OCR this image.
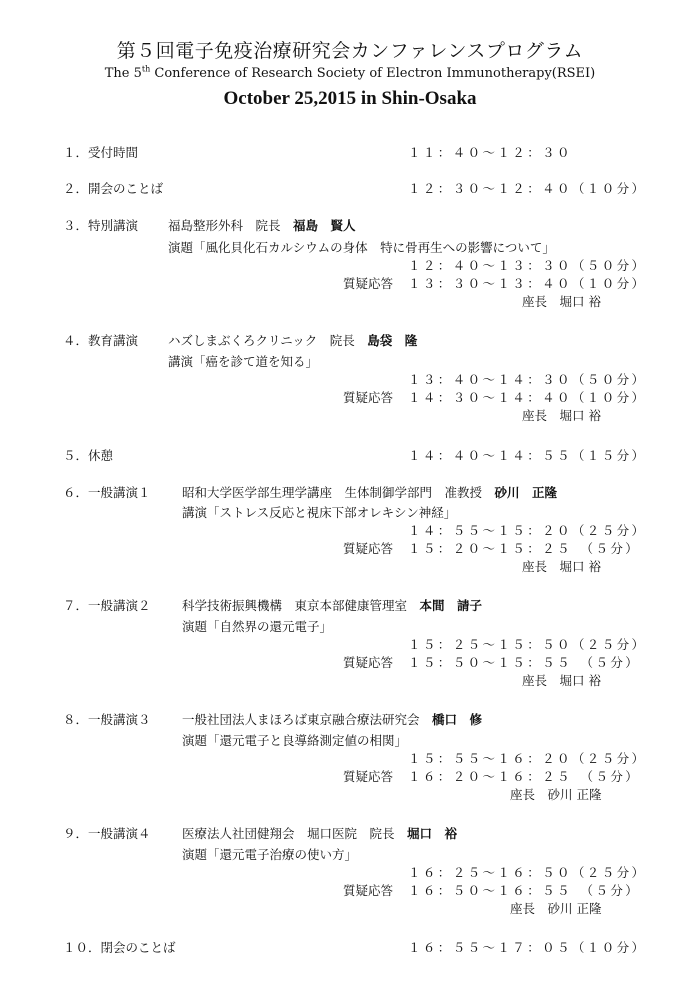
第５回電子免疫治療研究会カンファレンスプログラム
The 5th Conference of Research Society of Electron Immunotherapy(RSEI)
October 25,2015 in Shin-Osaka
１．受付時間	１１：４０〜１２：３０
２．開会のことば	１２：３０〜１２：４０（１０分）
３．特別講演 福島整形外科　院長　 福島　賢人
演題「風化貝化石カルシウムの身体　特に骨再生への影響について」
１２：４０〜１３：３０（５０分）
質疑応答 １３：３０〜１３：４０（１０分）
座長　堀口 裕
４．教育講演 ハズしまぶくろクリニック　院長　 島袋　隆
講演「癌を診て道を知る」
１３：４０〜１４：３０（５０分）
質疑応答 １４：３０〜１４：４０（１０分）
座長　堀口 裕
５．休憩	１４：４０〜１４：５５（１５分）
６．一般講演１	昭和大学医学部生理学講座　生体制御学部門　准教授　 砂川　正隆
講演「ストレス反応と視床下部オレキシン神経」
１４：５５〜１５：２０（２５分）
質疑応答 １５：２０〜１５：２５　（５分）
座長　堀口 裕
７．一般講演２	科学技術振興機構　東京本部健康管理室　 本間　請子
演題「自然界の還元電子」
１５：２５〜１５：５０（２５分）
質疑応答 １５：５０〜１５：５５　（５分）
座長　堀口 裕
８．一般講演３	一般社団法人まほろば東京融合療法研究会　 橋口　修
演題「還元電子と良導絡測定値の相関」
１５：５５〜１６：２０（２５分）
質疑応答 １６：２０〜１６：２５　（５分）
座長　砂川 正隆
９．一般講演４	医療法人社団健翔会　堀口医院　院長　 堀口　裕
演題「還元電子治療の使い方」
１６：２５〜１６：５０（２５分）
質疑応答 １６：５０〜１６：５５　（５分）
座長　砂川 正隆
１０．閉会のことば	１６：５５〜１７：０５（１０分）
